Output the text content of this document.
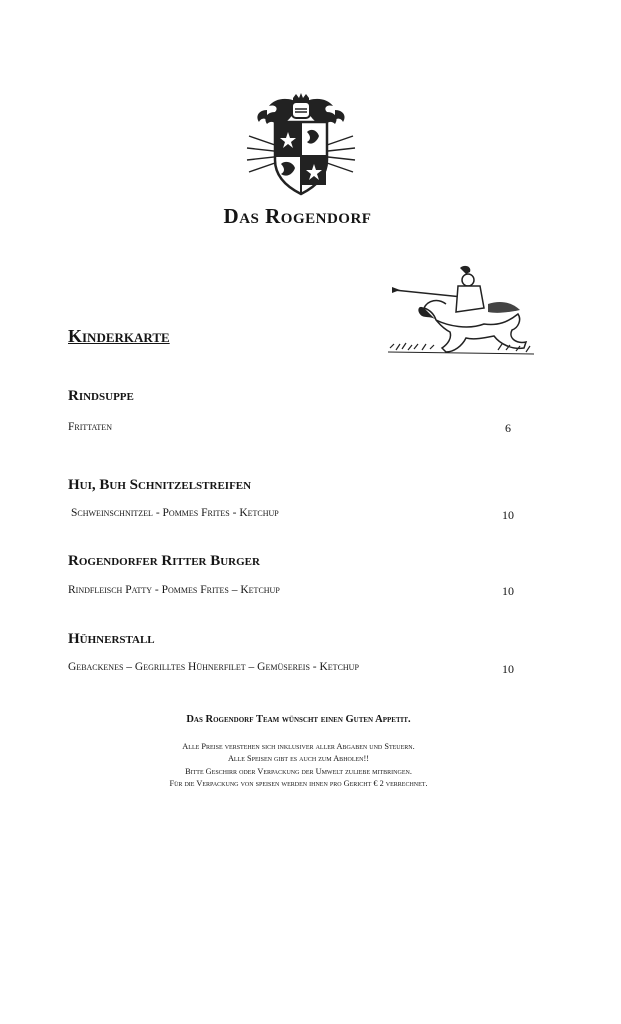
Das Rogendorf
Kinderkarte
Rindsuppe
Frittaten	6
Hui, Buh Schnitzelstreifen
Schweinschnitzel - Pommes Frites - Ketchup	10
Rogendorfer Ritter Burger
Rindfleisch Patty - Pommes Frites – Ketchup	10
Hühnerstall
Gebackenes – Gegrilltes Hühnerfilet – Gemüsereis - Ketchup	10
Das Rogendorf Team wünscht einen Guten Appetit.
Alle Preise verstehen sich inklusiver aller Abgaben und Steuern.
Alle Speisen gibt es auch zum Abholen!!
Bitte Geschirr oder Verpackung der Umwelt zuliebe mitbringen.
Für die Verpackung von speisen werden ihnen pro Gericht € 2 verrechnet.
